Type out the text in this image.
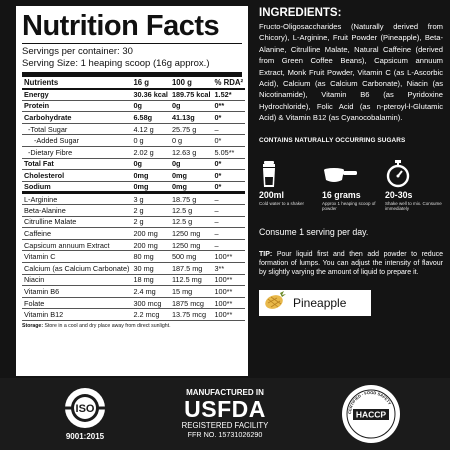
Nutrition Facts
Servings per container: 30
Serving Size: 1 heaping scoop (16g approx.)
Nutrients	16 g	100 g	% RDA²
Energy	30.36 kcal	189.75 kcal	1.52*
Protein	0g	0g	0**
Carbohydrate	6.58g	41.13g	0*
-Total Sugar	4.12 g	25.75 g	–
-Added Sugar	0 g	0 g	0*
-Dietary Fibre	2.02 g	12.63 g	5.05**
Total Fat	0g	0g	0*
Cholesterol	0mg	0mg	0*
Sodium	0mg	0mg	0*
L-Arginine	3 g	18.75 g	–
Beta-Alanine	2 g	12.5 g	–
Citrulline Malate	2 g	12.5 g	–
Caffeine	200 mg	1250 mg	–
Capsicum annuum Extract	200 mg	1250 mg	–
Vitamin C	80 mg	500 mg	100**
Calcium (as Calcium Carbonate)	30 mg	187.5 mg	3**
Niacin	18 mg	112.5 mg	100**
Vitamin B6	2.4 mg	15 mg	100**
Folate	300 mcg	1875 mcg	100**
Vitamin B12	2.2 mcg	13.75 mcg	100**
Storage: Store in a cool and dry place away from direct sunlight.
INGREDIENTS:
Fructo-Oligosaccharides (Naturally derived from Chicory), L-Arginine, Fruit Powder (Pineapple), Beta-Alanine, Citrulline Malate, Natural Caffeine (derived from Green Coffee Beans), Capsicum annuum Extract, Monk Fruit Powder, Vitamin C (as L-Ascorbic Acid), Calcium (as Calcium Carbonate), Niacin (as Nicotinamide), Vitamin B6 (as Pyridoxine Hydrochloride), Folic Acid (as n-pteroyl-l-Glutamic Acid) & Vitamin B12 (as Cyanocobalamin).
CONTAINS NATURALLY OCCURRING SUGARS
200ml
Cold water to a shaker
16 grams
Approx 1 heaping scoop of powder
20-30s
Shake well to mix. Consume immediately
Consume 1 serving per day.
TIP: Pour liquid first and then add powder to reduce formation of lumps. You can adjust the intensity of flavour by slightly varying the amount of liquid to prepare it.
Pineapple
ISO
9001:2015
MANUFACTURED IN
USFDA
REGISTERED FACILITY
FFR NO. 15731026290
CERTIFIED · FOOD SAFETY
HACCP
